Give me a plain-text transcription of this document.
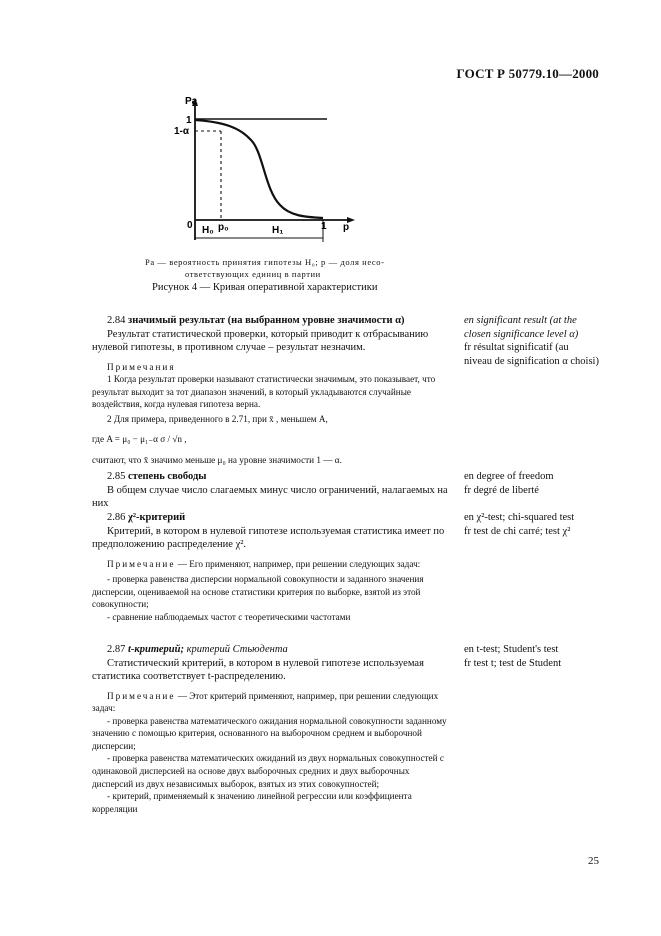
ГОСТ Р 50779.10—2000
Pa
1
1-α
0 H₀ p₀	H₁	1 p
Pa — вероятность принятия гипотезы H₀; p — доля несо-
ответствующих единиц в партии
Рисунок 4 — Кривая оперативной характеристики

2.84 значимый результат (на выбранном уровне значимости α)

Результат статистической проверки, который приводит к отбрасыванию нулевой гипотезы, в противном случае – результат незначим.

Примечания

1 Когда результат проверки называют статистически значимым, это показывает, что результат выходит за тот диапазон значений, в который укладываются случайные воздействия, когда нулевая гипотеза верна.

2 Для примера, приведенного в 2.71, при x̄ , меньшем A,

где A = μ₀ − μ₁₋α σ / √n ,

считают, что x̄ значимо меньше μ₀ на уровне значимости 1 — α.

en significant result (at the closen significance level α)

fr résultat significatif (au niveau de signification α choisi)

2.85 степень свободы

В общем случае число слагаемых минус число ограничений, налагаемых на них

en degree of freedom

fr degré de liberté

2.86 χ²-критерий

Критерий, в котором в нулевой гипотезе используемая статистика имеет по предположению распределение χ².

Примечание — Его применяют, например, при решении следующих задач:

- проверка равенства дисперсии нормальной совокупности и заданного значения дисперсии, оцениваемой на основе статистики критерия по выборке, взятой из этой совокупности;

- сравнение наблюдаемых частот с теоретическими частотами

en χ²-test; chi-squared test

fr test de chi carré; test χ²

2.87 t-критерий; критерий Стьюдента

Статистический критерий, в котором в нулевой гипотезе используемая статистика соответствует t-распределению.

Примечание — Этот критерий применяют, например, при решении следующих задач:

- проверка равенства математического ожидания нормальной совокупности заданному значению с помощью критерия, основанного на выборочном среднем и выборочной дисперсии;

- проверка равенства математических ожиданий из двух нормальных совокупностей с одинаковой дисперсией на основе двух выборочных средних и двух выборочных дисперсий из двух независимых выборок, взятых из этих совокупностей;

- критерий, применяемый к значению линейной регрессии или коэффициента корреляции

en t-test; Student's test

fr test t; test de Student

25
